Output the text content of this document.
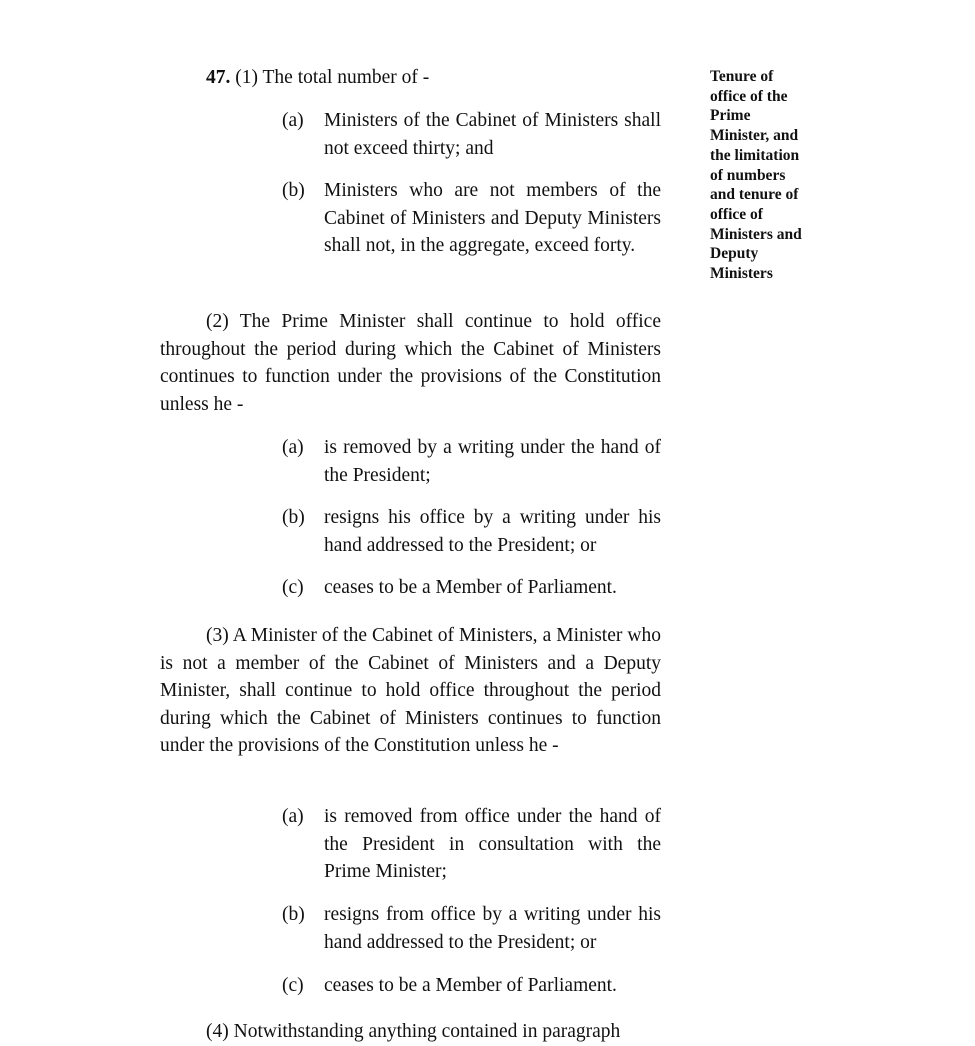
47. (1) The total number of -	Tenure of office of the Prime Minister, and the limitation of numbers and tenure of office of Ministers and Deputy Ministers
(a) Ministers of the Cabinet of Ministers shall not exceed thirty; and
(b) Ministers who are not members of the Cabinet of Ministers and Deputy Ministers shall not, in the aggregate, exceed forty.
(2) The Prime Minister shall continue to hold office throughout the period during which the Cabinet of Ministers continues to function under the provisions of the Constitution unless he -
(a) is removed by a writing under the hand of the President;
(b) resigns his office by a writing under his hand addressed to the President; or
(c) ceases to be a Member of Parliament.
(3) A Minister of the Cabinet of Ministers, a Minister who is not a member of the Cabinet of Ministers and a Deputy Minister, shall continue to hold office throughout the period during which the Cabinet of Ministers continues to function under the provisions of the Constitution unless he -
(a) is removed from office under the hand of the President in consultation with the Prime Minister;
(b) resigns from office by a writing under his hand addressed to the President; or
(c) ceases to be a Member of Parliament.
(4) Notwithstanding anything contained in paragraph
